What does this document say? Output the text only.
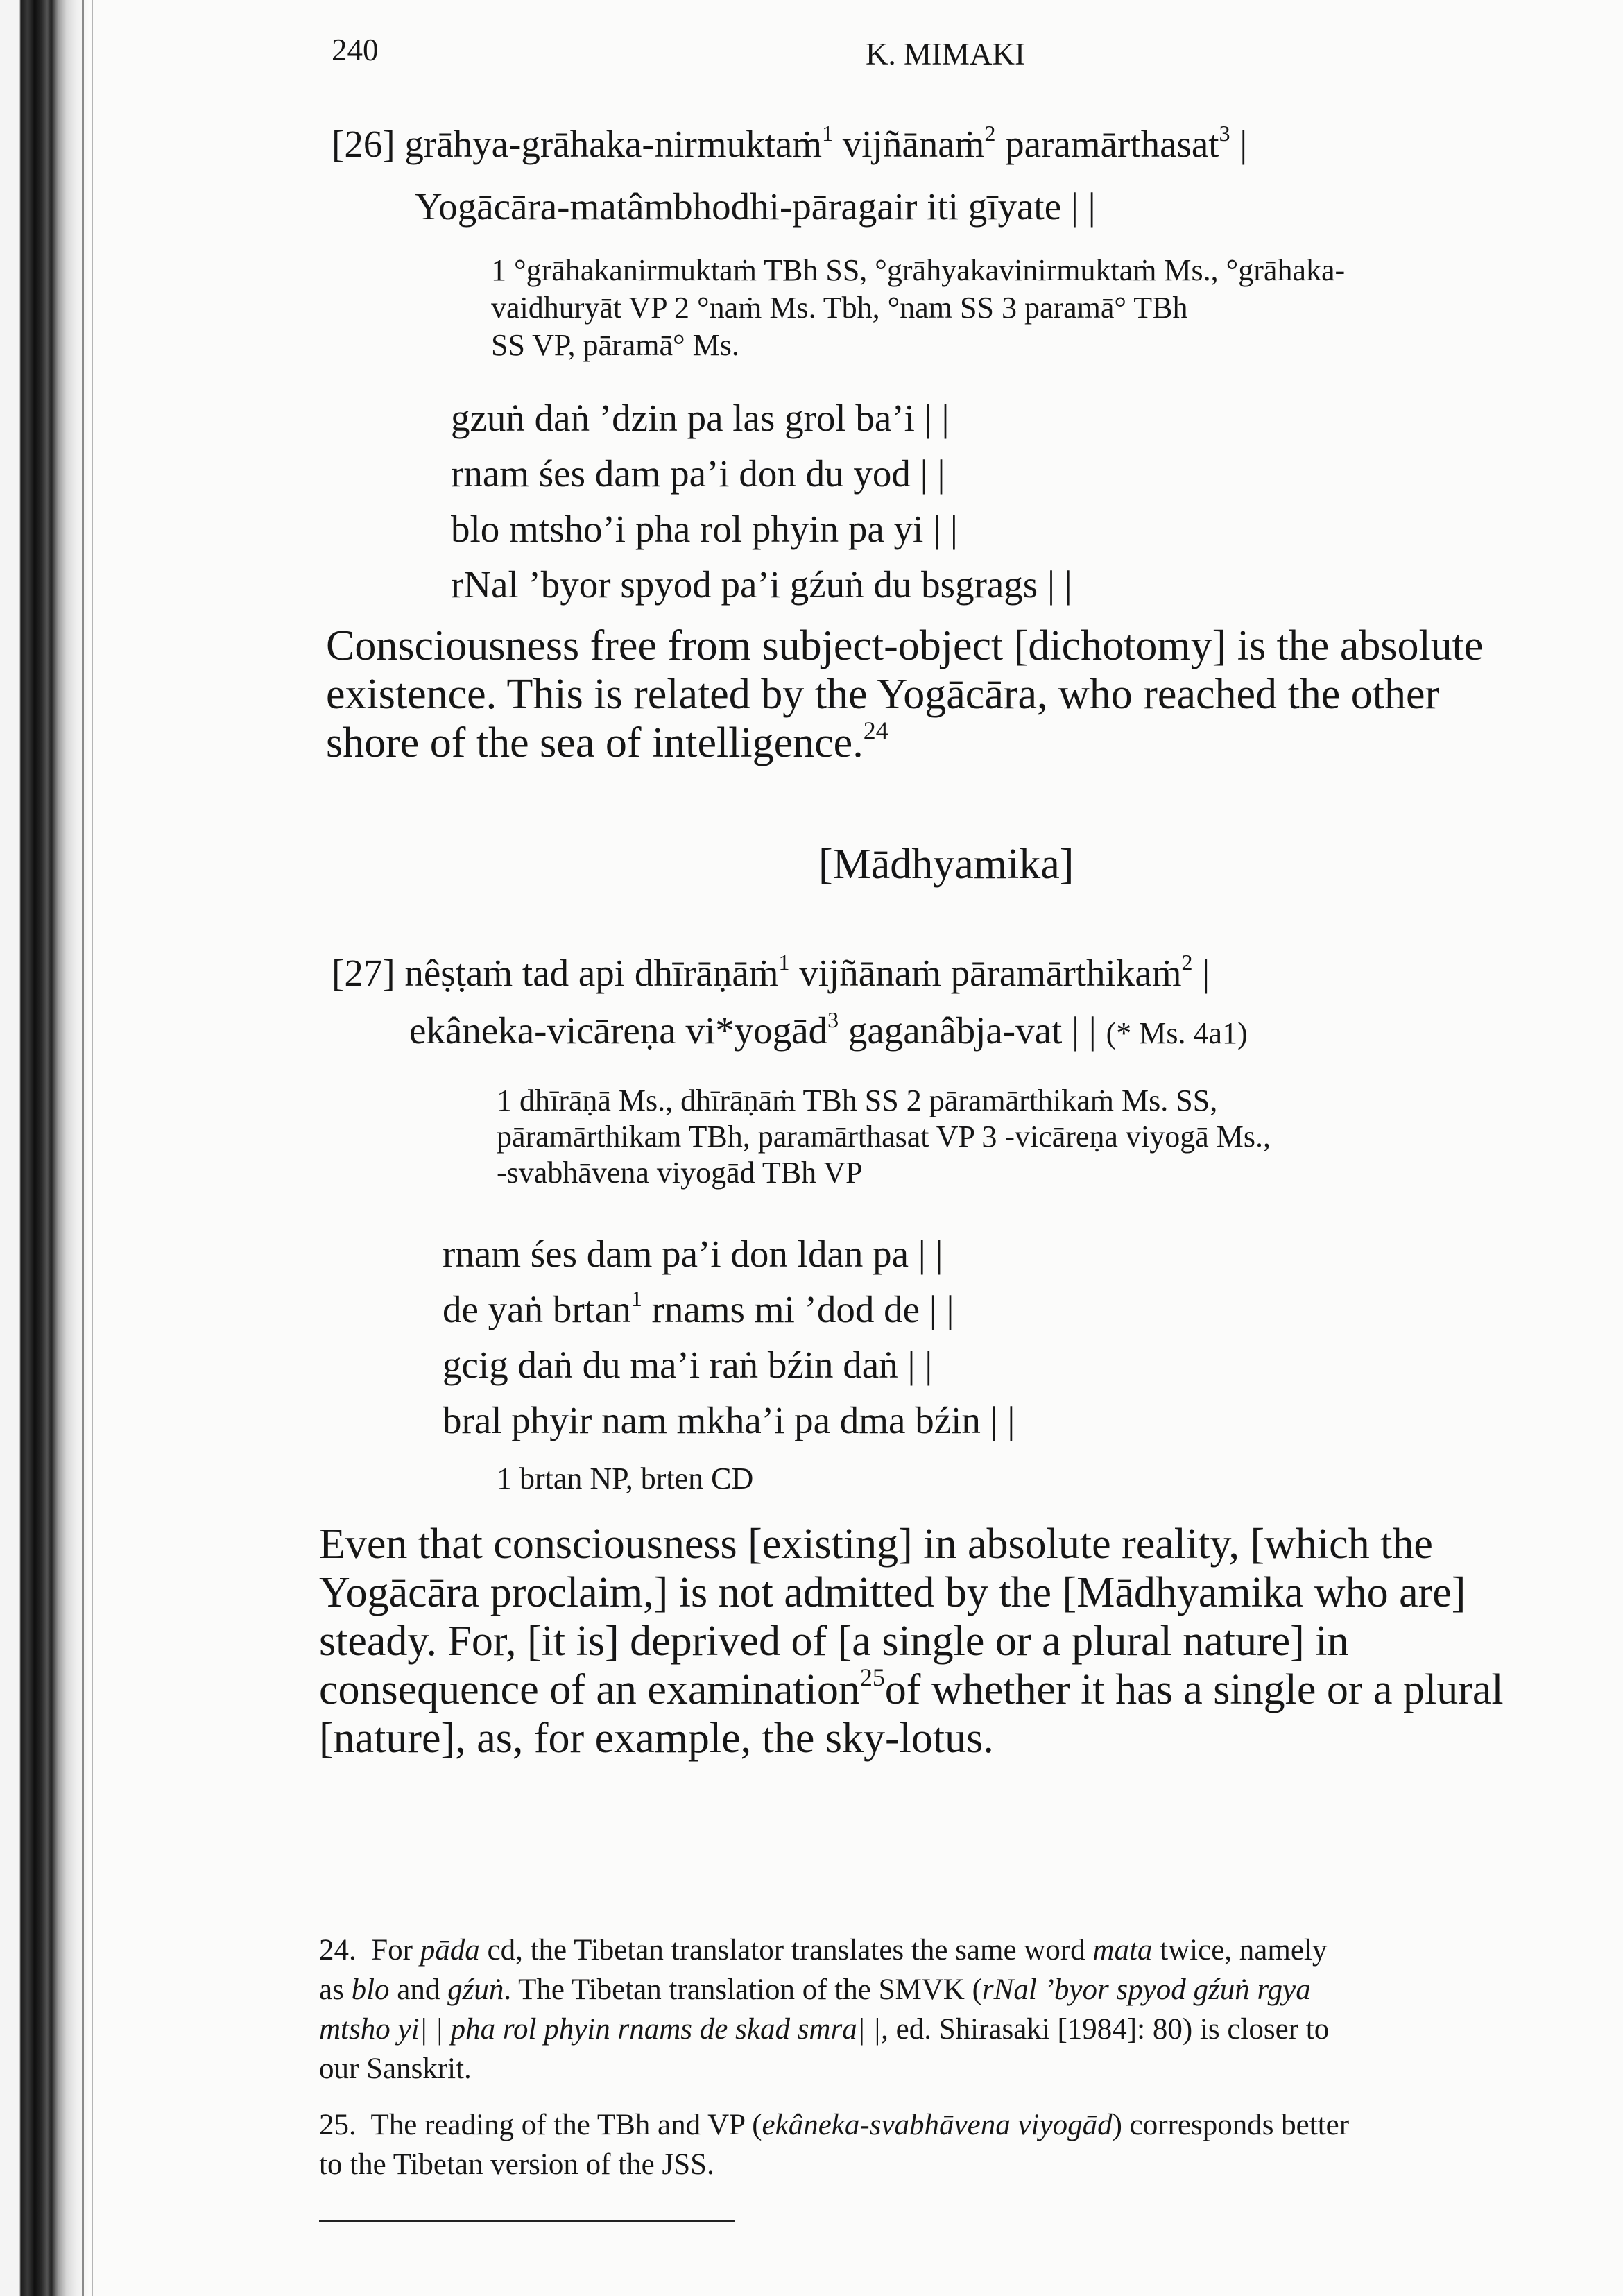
240	K. MIMAKI
[26] grāhya-grāhaka-nirmuktaṁ$^1$ vijñānaṁ$^2$ paramārthasat$^3$ |
Yogācāra-matâmbhodhi-pāragair iti gīyate | |
1 °grāhakanirmuktaṁ TBh SS, °grāhyakavinirmuktaṁ Ms., °grāhaka-
vaidhuryāt VP 2 °naṁ Ms. Tbh, °nam SS 3 paramā° TBh
SS VP, pāramā° Ms.
gzuṅ daṅ ’dzin pa las grol ba’i | |
rnam śes dam pa’i don du yod | |
blo mtsho’i pha rol phyin pa yi | |
rNal ’byor spyod pa’i gźuṅ du bsgrags | |
Consciousness free from subject-object [dichotomy] is the absolute
existence. This is related by the Yogācāra, who reached the other
shore of the sea of intelligence.$^{24}$
[Mādhyamika]
[27] nêṣṭaṁ tad api dhīrāṇāṁ$^1$ vijñānaṁ pāramārthikaṁ$^2$ |
ekâneka-vicāreṇa vi*yogād$^3$ gaganâbja-vat | | (* Ms. 4a1)
1 dhīrāṇā Ms., dhīrāṇāṁ TBh SS 2 pāramārthikaṁ Ms. SS,
pāramārthikam TBh, paramārthasat VP 3 -vicāreṇa viyogā Ms.,
-svabhāvena viyogād TBh VP
rnam śes dam pa’i don ldan pa | |
de yaṅ brtan$^1$ rnams mi ’dod de | |
gcig daṅ du ma’i raṅ bźin daṅ | |
bral phyir nam mkha’i pa dma bźin | |
1 brtan NP, brten CD
Even that consciousness [existing] in absolute reality, [which the
Yogācāra proclaim,] is not admitted by the [Mādhyamika who are]
steady. For, [it is] deprived of [a single or a plural nature] in
consequence of an examination$^{25}$of whether it has a single or a plural
[nature], as, for example, the sky-lotus.
24. For pāda cd, the Tibetan translator translates the same word mata twice, namely
as blo and gźuṅ. The Tibetan translation of the SMVK (rNal ’byor spyod gźuṅ rgya
mtsho yi| | pha rol phyin rnams de skad smra| |, ed. Shirasaki [1984]: 80) is closer to
our Sanskrit.
25. The reading of the TBh and VP (ekâneka-svabhāvena viyogād) corresponds better
to the Tibetan version of the JSS.
